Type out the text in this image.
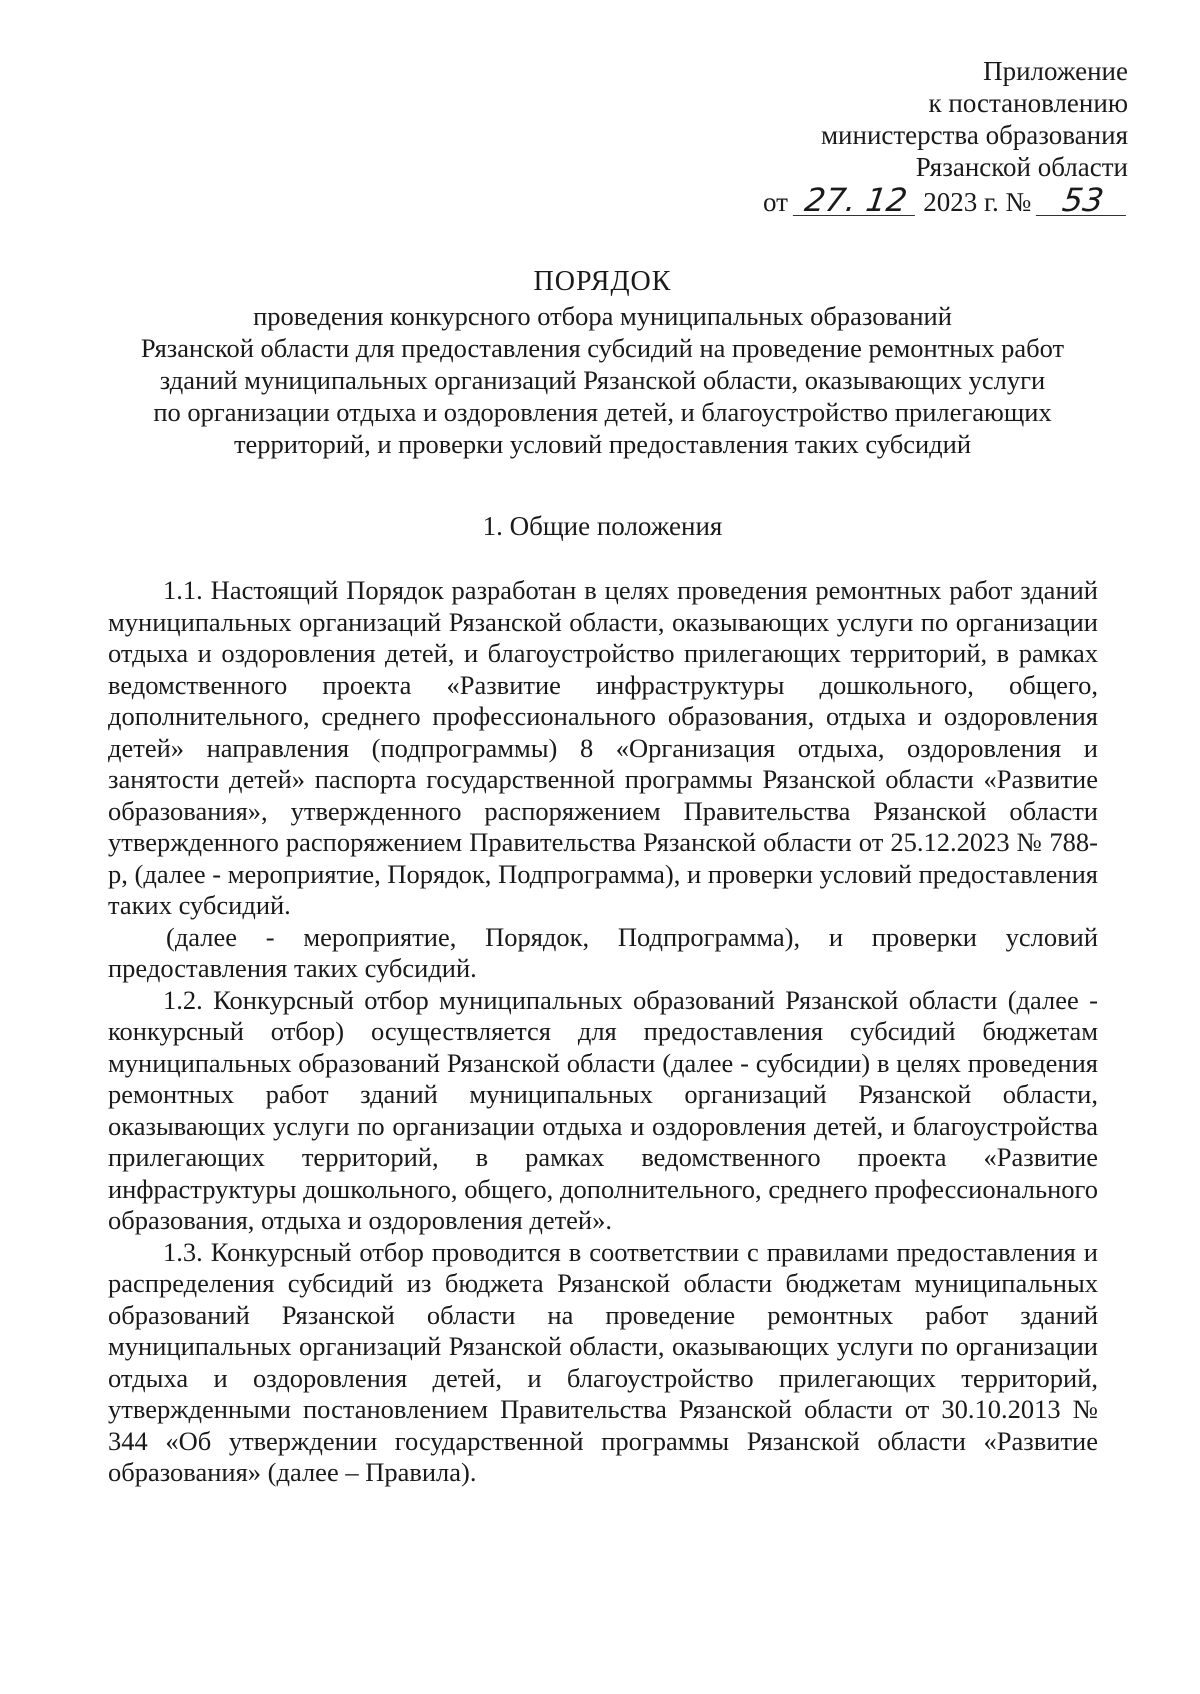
Приложение
к постановлению
министерства образования
Рязанской области
от 27. 12 2023 г. № 53
ПОРЯДОК
проведения конкурсного отбора муниципальных образований
Рязанской области для предоставления субсидий на проведение ремонтных работ
зданий муниципальных организаций Рязанской области, оказывающих услуги
по организации отдыха и оздоровления детей, и благоустройство прилегающих
территорий, и проверки условий предоставления таких субсидий
1. Общие положения

1.1. Настоящий Порядок разработан в целях проведения ремонтных работ зданий муниципальных организаций Рязанской области, оказывающих услуги по организации отдыха и оздоровления детей, и благоустройство прилегающих территорий, в рамках ведомственного проекта «Развитие инфраструктуры дошкольного, общего, дополнительного, среднего профессионального образования, отдыха и оздоровления детей» направления (подпрограммы) 8 «Организация отдыха, оздоровления и занятости детей» паспорта государственной программы Рязанской области «Развитие образования», утвержденного распоряжением Правительства Рязанской области утвержденного распоряжением Правительства Рязанской области от 25.12.2023 № 788-р, (далее - мероприятие, Порядок, Подпрограмма), и проверки условий предоставления таких субсидий.

(далее - мероприятие, Порядок, Подпрограмма), и проверки условий предоставления таких субсидий.

1.2. Конкурсный отбор муниципальных образований Рязанской области (далее - конкурсный отбор) осуществляется для предоставления субсидий бюджетам муниципальных образований Рязанской области (далее - субсидии) в целях проведения ремонтных работ зданий муниципальных организаций Рязанской области, оказывающих услуги по организации отдыха и оздоровления детей, и благоустройства прилегающих территорий, в рамках ведомственного проекта «Развитие инфраструктуры дошкольного, общего, дополнительного, среднего профессионального образования, отдыха и оздоровления детей».

1.3. Конкурсный отбор проводится в соответствии с правилами предоставления и распределения субсидий из бюджета Рязанской области бюджетам муниципальных образований Рязанской области на проведение ремонтных работ зданий муниципальных организаций Рязанской области, оказывающих услуги по организации отдыха и оздоровления детей, и благоустройство прилегающих территорий, утвержденными постановлением Правительства Рязанской области от 30.10.2013 № 344 «Об утверждении государственной программы Рязанской области «Развитие образования» (далее – Правила).
